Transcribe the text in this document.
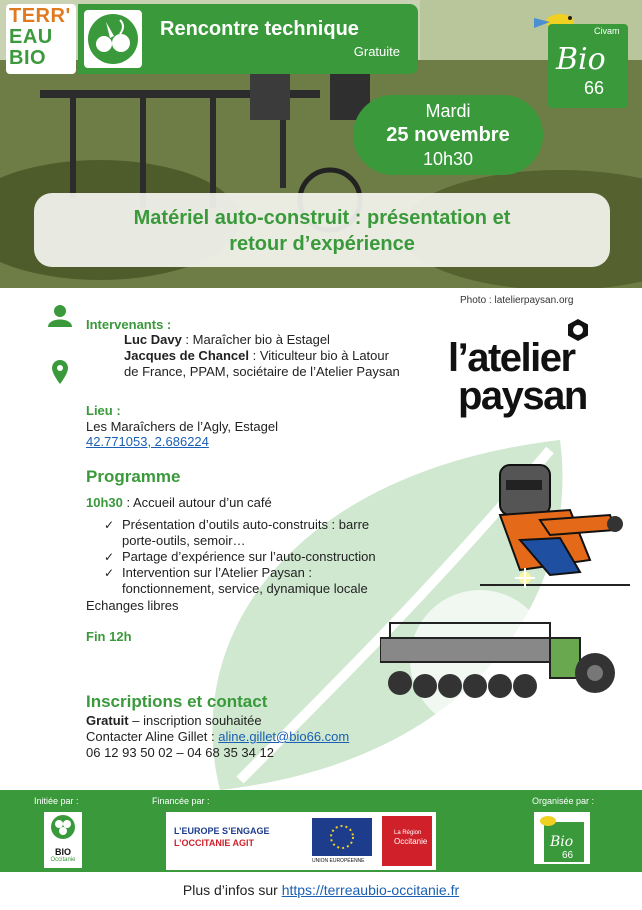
TERR'
EAU
BIO
Rencontre technique
Gratuite
Civam
Bio
66
Mardi
25 novembre
10h30
Matériel auto-construit : présentation et
retour d’expérience
Photo : latelierpaysan.org
Intervenants :
Luc Davy : Maraîcher bio à Estagel
Jacques de Chancel : Viticulteur bio à Latour
de France, PPAM, sociétaire de l’Atelier Paysan l’atelier
paysan
Lieu :
Les Maraîchers de l’Agly, Estagel
42.771053, 2.686224
Programme
10h30 : Accueil autour d’un café
✓ Présentation d’outils auto-construits : barre
porte-outils, semoir…
✓ Partage d’expérience sur l’auto-construction
✓ Intervention sur l’Atelier Paysan :
fonctionnement, service, dynamique locale
Echanges libres
Fin 12h
Inscriptions et contact
Gratuit – inscription souhaitée
Contacter Aline Gillet : aline.gillet@bio66.com
06 12 93 50 02 – 04 68 35 34 12
Initiée par :	Financée par :	Organisée par :
BIO
Occitanie
L’EUROPE S’ENGAGE
L’OCCITANIE AGIT
UNION EUROPÉENNE
La Région
Occitanie	Bio
66
Plus d’infos sur https://terreaubio-occitanie.fr
